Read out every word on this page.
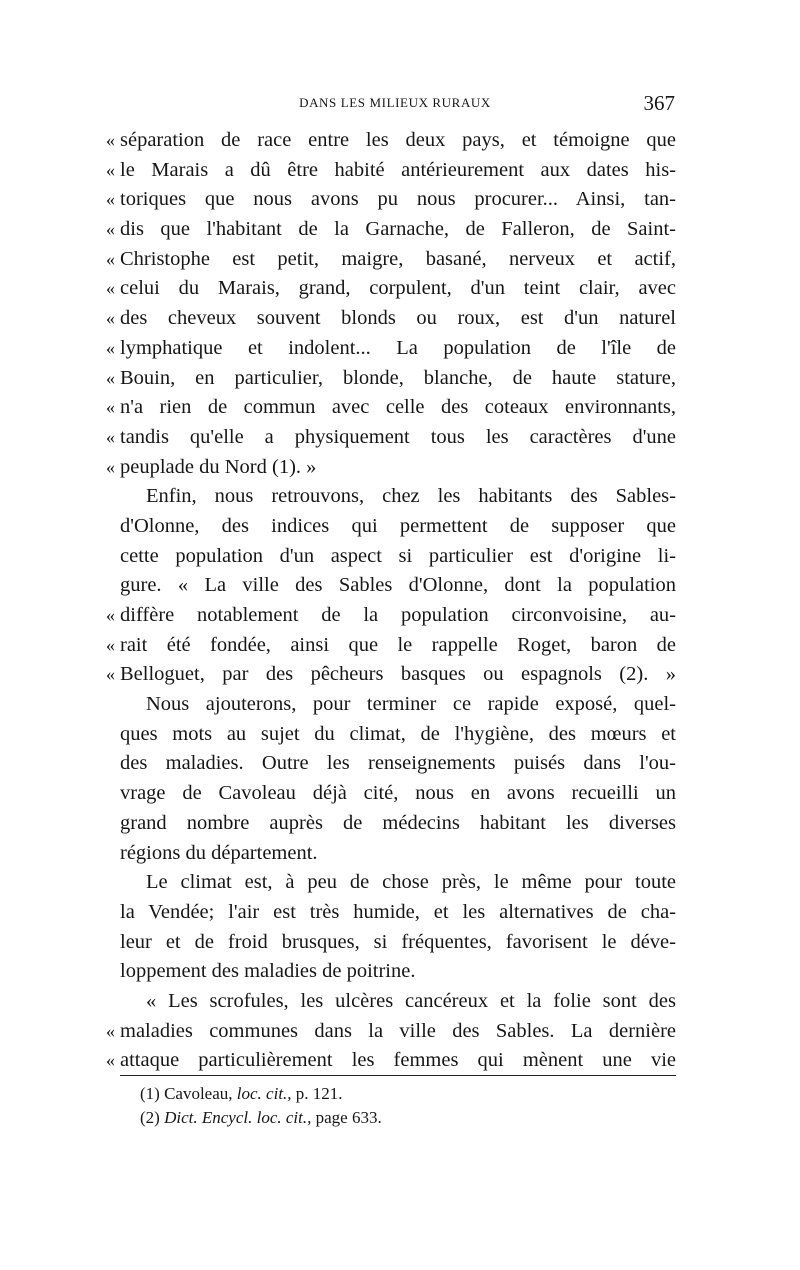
DANS LES MILIEUX RURAUX	367
« séparation de race entre les deux pays, et témoigne que
« le Marais a dû être habité antérieurement aux dates his-
« toriques que nous avons pu nous procurer... Ainsi, tan-
« dis que l'habitant de la Garnache, de Falleron, de Saint-
« Christophe est petit, maigre, basané, nerveux et actif,
« celui du Marais, grand, corpulent, d'un teint clair, avec
« des cheveux souvent blonds ou roux, est d'un naturel
« lymphatique et indolent... La population de l'île de
« Bouin, en particulier, blonde, blanche, de haute stature,
« n'a rien de commun avec celle des coteaux environnants,
« tandis qu'elle a physiquement tous les caractères d'une
« peuplade du Nord (1). »
Enfin, nous retrouvons, chez les habitants des Sables-
d'Olonne, des indices qui permettent de supposer que
cette population d'un aspect si particulier est d'origine li-
gure. « La ville des Sables d'Olonne, dont la population
« diffère notablement de la population circonvoisine, au-
« rait été fondée, ainsi que le rappelle Roget, baron de
« Belloguet, par des pêcheurs basques ou espagnols (2). »
Nous ajouterons, pour terminer ce rapide exposé, quel-
ques mots au sujet du climat, de l'hygiène, des mœurs et
des maladies. Outre les renseignements puisés dans l'ou-
vrage de Cavoleau déjà cité, nous en avons recueilli un
grand nombre auprès de médecins habitant les diverses
régions du département.
Le climat est, à peu de chose près, le même pour toute
la Vendée; l'air est très humide, et les alternatives de cha-
leur et de froid brusques, si fréquentes, favorisent le déve-
loppement des maladies de poitrine.
« Les scrofules, les ulcères cancéreux et la folie sont des
« maladies communes dans la ville des Sables. La dernière
« attaque particulièrement les femmes qui mènent une vie
(1) Cavoleau, loc. cit., p. 121.
(2) Dict. Encycl. loc. cit., page 633.
